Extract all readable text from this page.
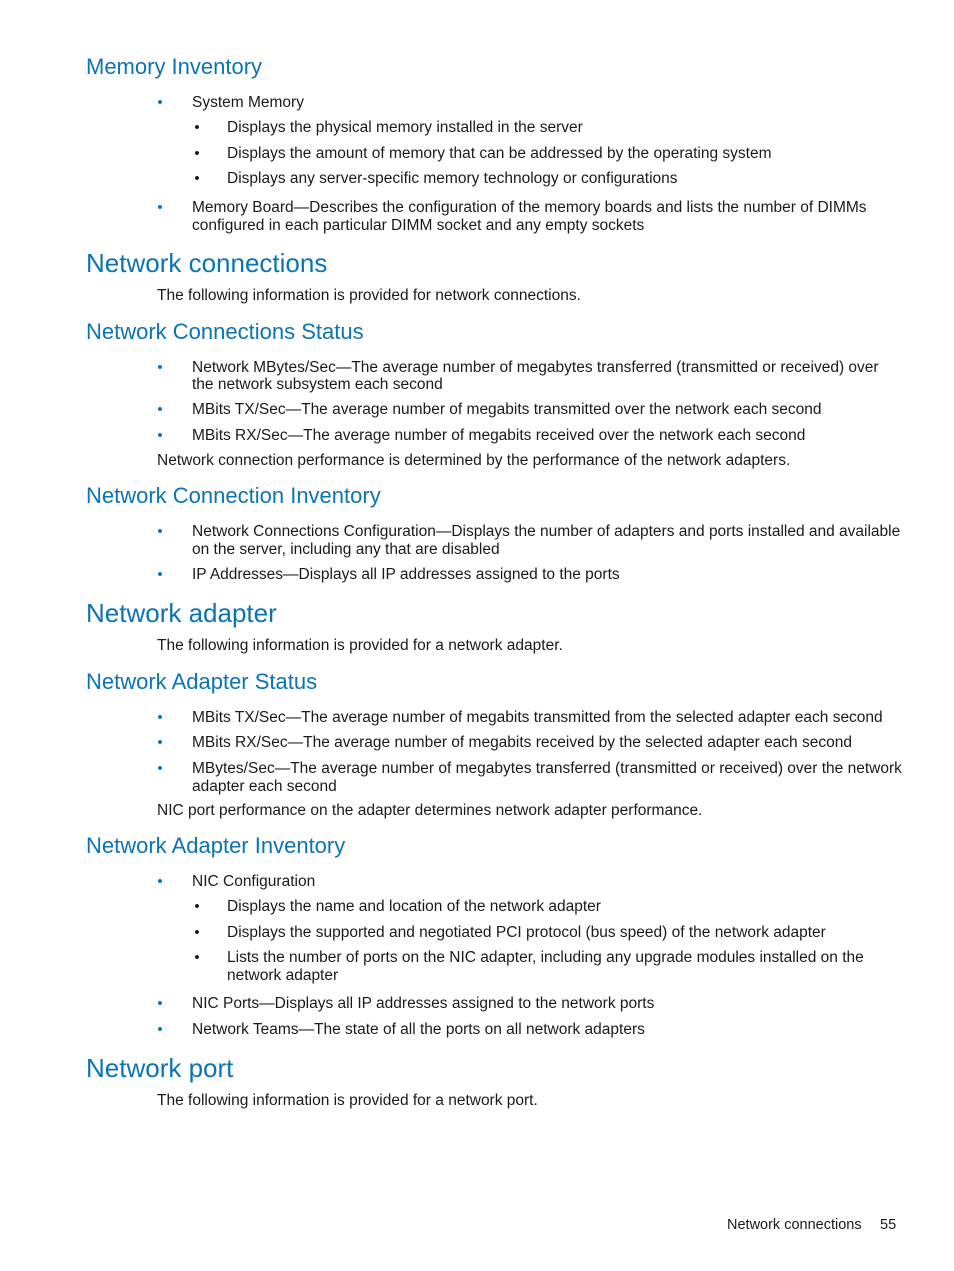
Memory Inventory
• System Memory
• Displays the physical memory installed in the server
• Displays the amount of memory that can be addressed by the operating system
• Displays any server-specific memory technology or configurations
• Memory Board—Describes the configuration of the memory boards and lists the number of DIMMs
configured in each particular DIMM socket and any empty sockets
Network connections
The following information is provided for network connections.
Network Connections Status
• Network MBytes/Sec—The average number of megabytes transferred (transmitted or received) over
the network subsystem each second
• MBits TX/Sec—The average number of megabits transmitted over the network each second
• MBits RX/Sec—The average number of megabits received over the network each second
Network connection performance is determined by the performance of the network adapters.
Network Connection Inventory
• Network Connections Configuration—Displays the number of adapters and ports installed and available
on the server, including any that are disabled
• IP Addresses—Displays all IP addresses assigned to the ports
Network adapter
The following information is provided for a network adapter.
Network Adapter Status
• MBits TX/Sec—The average number of megabits transmitted from the selected adapter each second
• MBits RX/Sec—The average number of megabits received by the selected adapter each second
• MBytes/Sec—The average number of megabytes transferred (transmitted or received) over the network
adapter each second
NIC port performance on the adapter determines network adapter performance.
Network Adapter Inventory
• NIC Configuration
• Displays the name and location of the network adapter
• Displays the supported and negotiated PCI protocol (bus speed) of the network adapter
• Lists the number of ports on the NIC adapter, including any upgrade modules installed on the
network adapter
• NIC Ports—Displays all IP addresses assigned to the network ports
• Network Teams—The state of all the ports on all network adapters
Network port
The following information is provided for a network port.
Network connections 55
